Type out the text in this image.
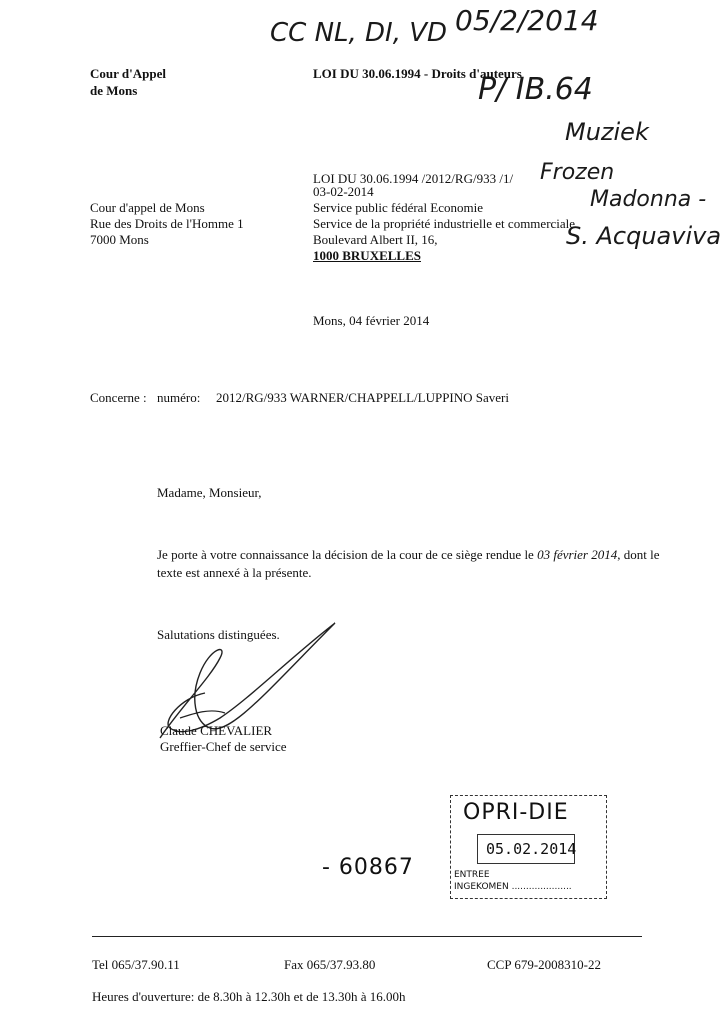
CC NL, DI, VD 05/2/2014
P/ IB.64
Muziek
Frozen
Madonna -
S. Acquaviva
Cour d'Appel
de Mons
LOI DU 30.06.1994 - Droits d'auteurs
LOI DU 30.06.1994 /2012/RG/933 /1/
03-02-2014
Cour d'appel de Mons
Rue des Droits de l'Homme 1
7000 Mons
Service public fédéral Economie
Service de la propriété industrielle et commerciale
Boulevard Albert II, 16,
1000 BRUXELLES
Mons, 04 février 2014
Concerne : numéro: 2012/RG/933 WARNER/CHAPPELL/LUPPINO Saveri
Madame, Monsieur,
Je porte à votre connaissance la décision de la cour de ce siège rendue le 03 février 2014, dont le
texte est annexé à la présente.
Salutations distinguées.
Claude CHEVALIER
Greffier-Chef de service
OPRI-DIE
05.02.2014
ENTREE
INGEKOMEN .....................
- 60867
Tel 065/37.90.11	Fax 065/37.93.80	CCP 679-2008310-22
Heures d'ouverture: de 8.30h à 12.30h et de 13.30h à 16.00h
